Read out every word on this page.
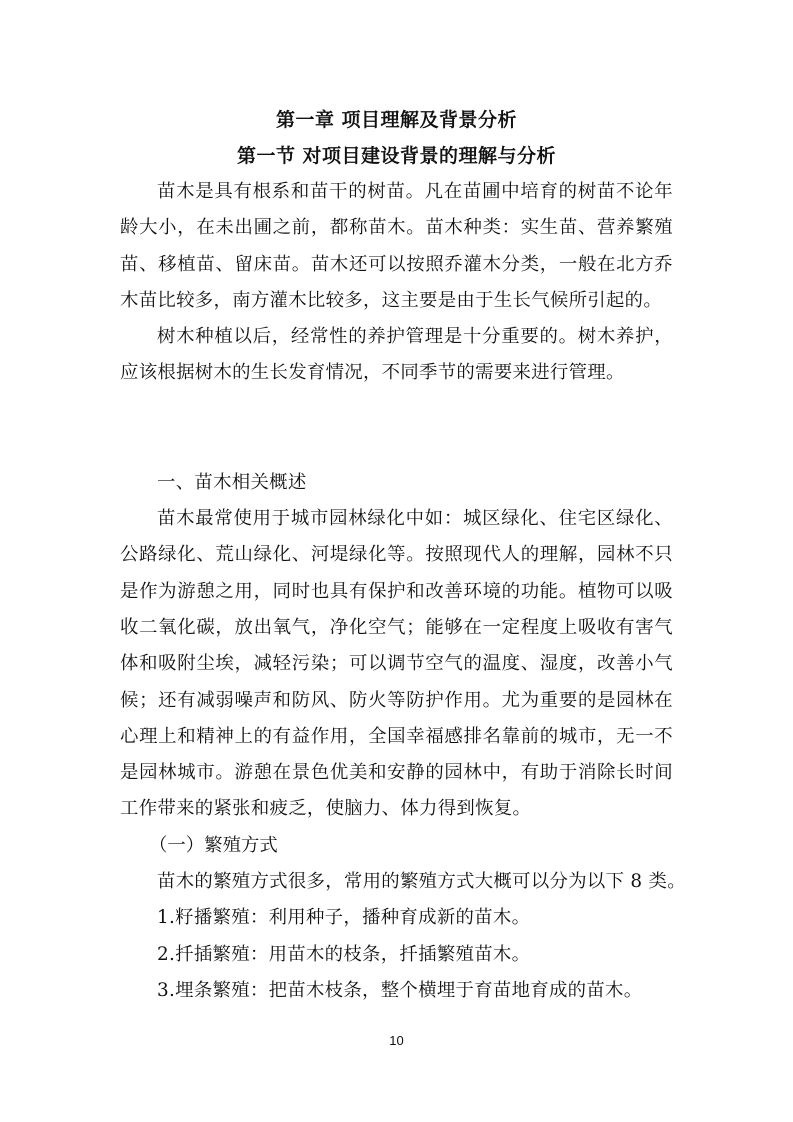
第一章 项目理解及背景分析
第一节 对项目建设背景的理解与分析

苗木是具有根系和苗干的树苗。凡在苗圃中培育的树苗不论年龄大小，在未出圃之前，都称苗木。苗木种类：实生苗、营养繁殖苗、移植苗、留床苗。苗木还可以按照乔灌木分类，一般在北方乔木苗比较多，南方灌木比较多，这主要是由于生长气候所引起的。

树木种植以后，经常性的养护管理是十分重要的。树木养护，应该根据树木的生长发育情况，不同季节的需要来进行管理。

一、苗木相关概述

苗木最常使用于城市园林绿化中如：城区绿化、住宅区绿化、公路绿化、荒山绿化、河堤绿化等。按照现代人的理解，园林不只是作为游憩之用，同时也具有保护和改善环境的功能。植物可以吸收二氧化碳，放出氧气，净化空气；能够在一定程度上吸收有害气体和吸附尘埃，减轻污染；可以调节空气的温度、湿度，改善小气候；还有减弱噪声和防风、防火等防护作用。尤为重要的是园林在心理上和精神上的有益作用，全国幸福感排名靠前的城市，无一不是园林城市。游憩在景色优美和安静的园林中，有助于消除长时间工作带来的紧张和疲乏，使脑力、体力得到恢复。

（一）繁殖方式
苗木的繁殖方式很多，常用的繁殖方式大概可以分为以下 8 类。
1.籽播繁殖：利用种子，播种育成新的苗木。
2.扦插繁殖：用苗木的枝条，扦插繁殖苗木。
3.埋条繁殖：把苗木枝条，整个横埋于育苗地育成的苗木。
10
